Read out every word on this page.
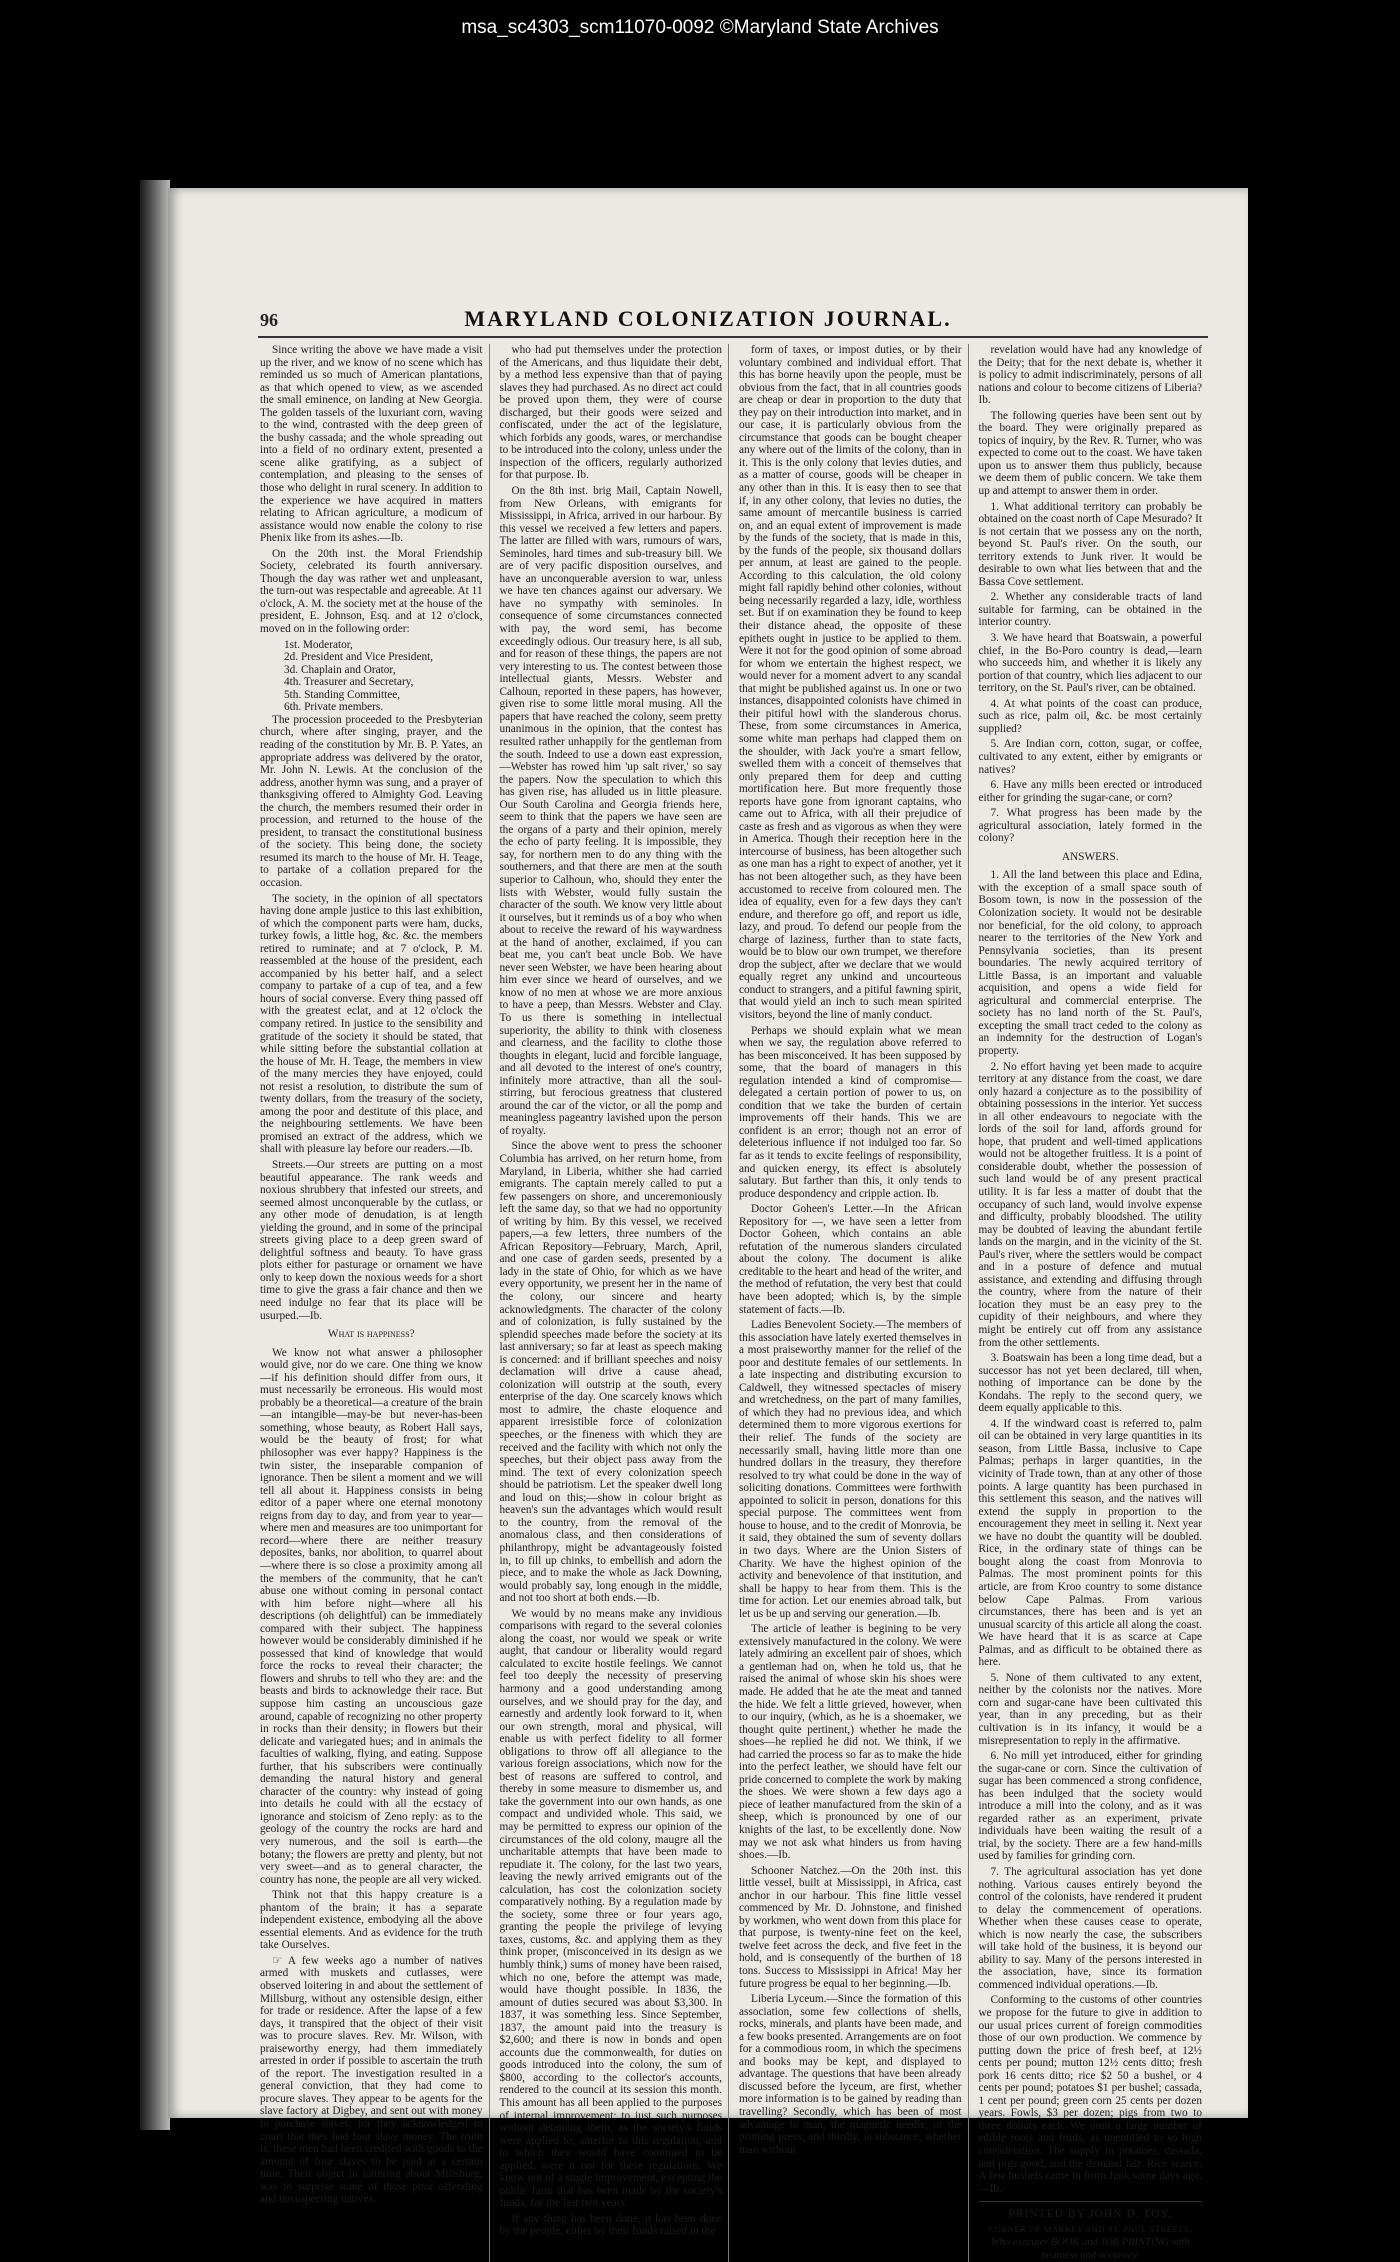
msa_sc4303_scm11070-0092 ©Maryland State Archives
96	MARYLAND COLONIZATION JOURNAL.

Since writing the above we have made a visit up the river, and we know of no scene which has reminded us so much of American plantations, as that which opened to view, as we ascended the small eminence, on landing at New Georgia. The golden tassels of the luxuriant corn, waving to the wind, contrasted with the deep green of the bushy cassada; and the whole spreading out into a field of no ordinary extent, presented a scene alike gratifying, as a subject of contemplation, and pleasing to the senses of those who delight in rural scenery. In addition to the experience we have acquired in matters relating to African agriculture, a modicum of assistance would now enable the colony to rise Phenix like from its ashes.—Ib.

On the 20th inst. the Moral Friendship Society, celebrated its fourth anniversary. Though the day was rather wet and unpleasant, the turn-out was respectable and agreeable. At 11 o'clock, A. M. the society met at the house of the president, E. Johnson, Esq. and at 12 o'clock, moved on in the following order:

1st. Moderator,

2d. President and Vice President,

3d. Chaplain and Orator,

4th. Treasurer and Secretary,

5th. Standing Committee,

6th. Private members.

The procession proceeded to the Presbyterian church, where after singing, prayer, and the reading of the constitution by Mr. B. P. Yates, an appropriate address was delivered by the orator, Mr. John N. Lewis. At the conclusion of the address, another hymn was sung, and a prayer of thanksgiving offered to Almighty God. Leaving the church, the members resumed their order in procession, and returned to the house of the president, to transact the constitutional business of the society. This being done, the society resumed its march to the house of Mr. H. Teage, to partake of a collation prepared for the occasion.

The society, in the opinion of all spectators having done ample justice to this last exhibition, of which the component parts were ham, ducks, turkey fowls, a little hog, &c. &c. the members retired to ruminate; and at 7 o'clock, P. M. reassembled at the house of the president, each accompanied by his better half, and a select company to partake of a cup of tea, and a few hours of social converse. Every thing passed off with the greatest eclat, and at 12 o'clock the company retired. In justice to the sensibility and gratitude of the society it should be stated, that while sitting before the substantial collation at the house of Mr. H. Teage, the members in view of the many mercies they have enjoyed, could not resist a resolution, to distribute the sum of twenty dollars, from the treasury of the society, among the poor and destitute of this place, and the neighbouring settlements. We have been promised an extract of the address, which we shall with pleasure lay before our readers.—Ib.

Streets.—Our streets are putting on a most beautiful appearance. The rank weeds and noxious shrubbery that infested our streets, and seemed almost unconquerable by the cutlass, or any other mode of denudation, is at length yielding the ground, and in some of the principal streets giving place to a deep green sward of delightful softness and beauty. To have grass plots either for pasturage or ornament we have only to keep down the noxious weeds for a short time to give the grass a fair chance and then we need indulge no fear that its place will be usurped.—Ib.

What is happiness?

We know not what answer a philosopher would give, nor do we care. One thing we know—if his definition should differ from ours, it must necessarily be erroneous. His would most probably be a theoretical—a creature of the brain—an intangible—may-be but never-has-been something, whose beauty, as Robert Hall says, would be the beauty of frost; for what philosopher was ever happy? Happiness is the twin sister, the inseparable companion of ignorance. Then be silent a moment and we will tell all about it. Happiness consists in being editor of a paper where one eternal monotony reigns from day to day, and from year to year—where men and measures are too unimportant for record—where there are neither treasury deposites, banks, nor abolition, to quarrel about—where there is so close a proximity among all the members of the community, that he can't abuse one without coming in personal contact with him before night—where all his descriptions (oh delightful) can be immediately compared with their subject. The happiness however would be considerably diminished if he possessed that kind of knowledge that would force the rocks to reveal their character; the flowers and shrubs to tell who they are: and the beasts and birds to acknowledge their race. But suppose him casting an uncouscious gaze around, capable of recognizing no other property in rocks than their density; in flowers but their delicate and variegated hues; and in animals the faculties of walking, flying, and eating. Suppose further, that his subscribers were continually demanding the natural history and general character of the country: why instead of going into details he could with all the ecstacy of ignorance and stoicism of Zeno reply: as to the geology of the country the rocks are hard and very numerous, and the soil is earth—the botany; the flowers are pretty and plenty, but not very sweet—and as to general character, the country has none, the people are all very wicked.

Think not that this happy creature is a phantom of the brain; it has a separate independent existence, embodying all the above essential elements. And as evidence for the truth take Ourselves.

☞ A few weeks ago a number of natives armed with muskets and cutlasses, were observed loitering in and about the settlement of Millsburg, without any ostensible design, either for trade or residence. After the lapse of a few days, it transpired that the object of their visit was to procure slaves. Rev. Mr. Wilson, with praiseworthy energy, had them immediately arrested in order if possible to ascertain the truth of the report. The investigation resulted in a general conviction, that they had come to procure slaves. They appear to be agents for the slave factory at Digbey, and sent out with money to purchase slaves; for they acknowledged in court that they had four slave money. The truth is, these men had been credited with goods to the amount of four slaves to be paid at a certain time. Their object in loitering about Millsburg, was to surprise some of those poor offending and unsuspecting natives,

who had put themselves under the protection of the Americans, and thus liquidate their debt, by a method less expensive than that of paying slaves they had purchased. As no direct act could be proved upon them, they were of course discharged, but their goods were seized and confiscated, under the act of the legislature, which forbids any goods, wares, or merchandise to be introduced into the colony, unless under the inspection of the officers, regularly authorized for that purpose. Ib.

On the 8th inst. brig Mail, Captain Nowell, from New Orleans, with emigrants for Mississippi, in Africa, arrived in our harbour. By this vessel we received a few letters and papers. The latter are filled with wars, rumours of wars, Seminoles, hard times and sub-treasury bill. We are of very pacific disposition ourselves, and have an unconquerable aversion to war, unless we have ten chances against our adversary. We have no sympathy with seminoles. In consequence of some circumstances connected with pay, the word semi, has become exceedingly odious. Our treasury here, is all sub, and for reason of these things, the papers are not very interesting to us. The contest between those intellectual giants, Messrs. Webster and Calhoun, reported in these papers, has however, given rise to some little moral musing. All the papers that have reached the colony, seem pretty unanimous in the opinion, that the contest has resulted rather unhappily for the gentleman from the south. Indeed to use a down east expression,—Webster has rowed him 'up salt river,' so say the papers. Now the speculation to which this has given rise, has alluded us in little pleasure. Our South Carolina and Georgia friends here, seem to think that the papers we have seen are the organs of a party and their opinion, merely the echo of party feeling. It is impossible, they say, for northern men to do any thing with the southerners, and that there are men at the south superior to Calhoun, who, should they enter the lists with Webster, would fully sustain the character of the south. We know very little about it ourselves, but it reminds us of a boy who when about to receive the reward of his waywardness at the hand of another, exclaimed, if you can beat me, you can't beat uncle Bob. We have never seen Webster, we have been hearing about him ever since we heard of ourselves, and we know of no men at whose we are more anxious to have a peep, than Messrs. Webster and Clay. To us there is something in intellectual superiority, the ability to think with closeness and clearness, and the facility to clothe those thoughts in elegant, lucid and forcible language, and all devoted to the interest of one's country, infinitely more attractive, than all the soul-stirring, but ferocious greatness that clustered around the car of the victor, or all the pomp and meaningless pageantry lavished upon the person of royalty.

Since the above went to press the schooner Columbia has arrived, on her return home, from Maryland, in Liberia, whither she had carried emigrants. The captain merely called to put a few passengers on shore, and unceremoniously left the same day, so that we had no opportunity of writing by him. By this vessel, we received papers,—a few letters, three numbers of the African Repository—February, March, April, and one case of garden seeds, presented by a lady in the state of Ohio, for which as we have every opportunity, we present her in the name of the colony, our sincere and hearty acknowledgments. The character of the colony and of colonization, is fully sustained by the splendid speeches made before the society at its last anniversary; so far at least as speech making is concerned: and if brilliant speeches and noisy declamation will drive a cause ahead, colonization will outstrip at the south, every enterprise of the day. One scarcely knows which most to admire, the chaste eloquence and apparent irresistible force of colonization speeches, or the fineness with which they are received and the facility with which not only the speeches, but their object pass away from the mind. The text of every colonization speech should be patriotism. Let the speaker dwell long and loud on this;—show in colour bright as heaven's sun the advantages which would result to the country, from the removal of the anomalous class, and then considerations of philanthropy, might be advantageously foisted in, to fill up chinks, to embellish and adorn the piece, and to make the whole as Jack Downing, would probably say, long enough in the middle, and not too short at both ends.—Ib.

We would by no means make any invidious comparisons with regard to the several colonies along the coast, nor would we speak or write aught, that candour or liberality would regard calculated to excite hostile feelings. We cannot feel too deeply the necessity of preserving harmony and a good understanding among ourselves, and we should pray for the day, and earnestly and ardently look forward to it, when our own strength, moral and physical, will enable us with perfect fidelity to all former obligations to throw off all allegiance to the various foreign associations, which now for the best of reasons are suffered to control, and thereby in some measure to dismember us, and take the government into our own hands, as one compact and undivided whole. This said, we may be permitted to express our opinion of the circumstances of the old colony, maugre all the uncharitable attempts that have been made to repudiate it. The colony, for the last two years, leaving the newly arrived emigrants out of the calculation, has cost the colonization society comparatively nothing. By a regulation made by the society, some three or four years ago, granting the people the privilege of levying taxes, customs, &c. and applying them as they think proper, (misconceived in its design as we humbly think,) sums of money have been raised, which no one, before the attempt was made, would have thought possible. In 1836, the amount of duties secured was about $3,300. In 1837, it was something less. Since September, 1837, the amount paid into the treasury is $2,600; and there is now in bonds and open accounts due the commonwealth, for duties on goods introduced into the colony, the sum of $800, according to the collector's accounts, rendered to the council at its session this month. This amount has all been applied to the purposes of internal improvement; to just such purposes without detaining them, as the society's funds were applied to, anterior to this regulation, and to which they would have continued to be applied, were it not for these regulations. We know not of a single improvement, excepting the public farm that has been made by the society's funds, for the last two years.

If any thing has been done, it has been done by the people, either by their funds raised in the

form of taxes, or impost duties, or by their voluntary combined and individual effort. That this has borne heavily upon the people, must be obvious from the fact, that in all countries goods are cheap or dear in proportion to the duty that they pay on their introduction into market, and in our case, it is particularly obvious from the circumstance that goods can be bought cheaper any where out of the limits of the colony, than in it. This is the only colony that levies duties, and as a matter of course, goods will be cheaper in any other than in this. It is easy then to see that if, in any other colony, that levies no duties, the same amount of mercantile business is carried on, and an equal extent of improvement is made by the funds of the society, that is made in this, by the funds of the people, six thousand dollars per annum, at least are gained to the people. According to this calculation, the old colony might fall rapidly behind other colonies, without being necessarily regarded a lazy, idle, worthless set. But if on examination they be found to keep their distance ahead, the opposite of these epithets ought in justice to be applied to them. Were it not for the good opinion of some abroad for whom we entertain the highest respect, we would never for a moment advert to any scandal that might be published against us. In one or two instances, disappointed colonists have chimed in their pitiful howl with the slanderous chorus. These, from some circumstances in America, some white man perhaps had clapped them on the shoulder, with Jack you're a smart fellow, swelled them with a conceit of themselves that only prepared them for deep and cutting mortification here. But more frequently those reports have gone from ignorant captains, who came out to Africa, with all their prejudice of caste as fresh and as vigorous as when they were in America. Though their reception here in the intercourse of business, has been altogether such as one man has a right to expect of another, yet it has not been altogether such, as they have been accustomed to receive from coloured men. The idea of equality, even for a few days they can't endure, and therefore go off, and report us idle, lazy, and proud. To defend our people from the charge of laziness, further than to state facts, would be to blow our own trumpet, we therefore drop the subject, after we declare that we would equally regret any unkind and uncourteous conduct to strangers, and a pitiful fawning spirit, that would yield an inch to such mean spirited visitors, beyond the line of manly conduct.

Perhaps we should explain what we mean when we say, the regulation above referred to has been misconceived. It has been supposed by some, that the board of managers in this regulation intended a kind of compromise—delegated a certain portion of power to us, on condition that we take the burden of certain improvements off their hands. This we are confident is an error; though not an error of deleterious influence if not indulged too far. So far as it tends to excite feelings of responsibility, and quicken energy, its effect is absolutely salutary. But farther than this, it only tends to produce despondency and cripple action. Ib.

Doctor Goheen's Letter.—In the African Repository for —, we have seen a letter from Doctor Goheen, which contains an able refutation of the numerous slanders circulated about the colony. The document is alike creditable to the heart and head of the writer, and the method of refutation, the very best that could have been adopted; which is, by the simple statement of facts.—Ib.

Ladies Benevolent Society.—The members of this association have lately exerted themselves in a most praiseworthy manner for the relief of the poor and destitute females of our settlements. In a late inspecting and distributing excursion to Caldwell, they witnessed spectacles of misery and wretchedness, on the part of many families, of which they had no previous idea, and which determined them to more vigorous exertions for their relief. The funds of the society are necessarily small, having little more than one hundred dollars in the treasury, they therefore resolved to try what could be done in the way of soliciting donations. Committees were forthwith appointed to solicit in person, donations for this special purpose. The committees went from house to house, and to the credit of Monrovia, be it said, they obtained the sum of seventy dollars in two days. Where are the Union Sisters of Charity. We have the highest opinion of the activity and benevolence of that institution, and shall be happy to hear from them. This is the time for action. Let our enemies abroad talk, but let us be up and serving our generation.—Ib.

The article of leather is begining to be very extensively manufactured in the colony. We were lately admiring an excellent pair of shoes, which a gentleman had on, when he told us, that he raised the animal of whose skin his shoes were made. He added that he ate the meat and tanned the hide. We felt a little grieved, however, when to our inquiry, (which, as he is a shoemaker, we thought quite pertinent,) whether he made the shoes—he replied he did not. We think, if we had carried the process so far as to make the hide into the perfect leather, we should have felt our pride concerned to complete the work by making the shoes. We were shown a few days ago a piece of leather manufactured from the skin of a sheep, which is pronounced by one of our knights of the last, to be excellently done. Now may we not ask what hinders us from having shoes.—Ib.

Schooner Natchez.—On the 20th inst. this little vessel, built at Mississippi, in Africa, cast anchor in our harbour. This fine little vessel commenced by Mr. D. Johnstone, and finished by workmen, who went down from this place for that purpose, is twenty-nine feet on the keel, twelve feet across the deck, and five feet in the hold, and is consequently of the burthen of 18 tons. Success to Mississippi in Africa! May her future progress be equal to her beginning.—Ib.

Liberia Lyceum.—Since the formation of this association, some few collections of shells, rocks, minerals, and plants have been made, and a few books presented. Arrangements are on foot for a commodious room, in which the specimens and books may be kept, and displayed to advantage. The questions that have been already discussed before the lyceum, are first, whether more information is to be gained by reading than travelling? Secondly, which has been of most advantage to man, the magnetic needle, or the printing press; and thirdly, is substance, whether man without

revelation would have had any knowledge of the Deity; that for the next debate is, whether it is policy to admit indiscriminately, persons of all nations and colour to become citizens of Liberia? Ib.

The following queries have been sent out by the board. They were originally prepared as topics of inquiry, by the Rev. R. Turner, who was expected to come out to the coast. We have taken upon us to answer them thus publicly, because we deem them of public concern. We take them up and attempt to answer them in order.

1. What additional territory can probably be obtained on the coast north of Cape Mesurado? It is not certain that we possess any on the north, beyond St. Paul's river. On the south, our territory extends to Junk river. It would be desirable to own what lies between that and the Bassa Cove settlement.

2. Whether any considerable tracts of land suitable for farming, can be obtained in the interior country.

3. We have heard that Boatswain, a powerful chief, in the Bo-Poro country is dead,—learn who succeeds him, and whether it is likely any portion of that country, which lies adjacent to our territory, on the St. Paul's river, can be obtained.

4. At what points of the coast can produce, such as rice, palm oil, &c. be most certainly supplied?

5. Are Indian corn, cotton, sugar, or coffee, cultivated to any extent, either by emigrants or natives?

6. Have any mills been erected or introduced either for grinding the sugar-cane, or corn?

7. What progress has been made by the agricultural association, lately formed in the colony?

ANSWERS.

1. All the land between this place and Edina, with the exception of a small space south of Bosom town, is now in the possession of the Colonization society. It would not be desirable nor beneficial, for the old colony, to approach nearer to the territories of the New York and Pennsylvania societies, than its present boundaries. The newly acquired territory of Little Bassa, is an important and valuable acquisition, and opens a wide field for agricultural and commercial enterprise. The society has no land north of the St. Paul's, excepting the small tract ceded to the colony as an indemnity for the destruction of Logan's property.

2. No effort having yet been made to acquire territory at any distance from the coast, we dare only hazard a conjecture as to the possibility of obtaining possessions in the interior. Yet success in all other endeavours to negociate with the lords of the soil for land, affords ground for hope, that prudent and well-timed applications would not be altogether fruitless. It is a point of considerable doubt, whether the possession of such land would be of any present practical utility. It is far less a matter of doubt that the occupancy of such land, would involve expense and difficulty, probably bloodshed. The utility may be doubted of leaving the abundant fertile lands on the margin, and in the vicinity of the St. Paul's river, where the settlers would be compact and in a posture of defence and mutual assistance, and extending and diffusing through the country, where from the nature of their location they must be an easy prey to the cupidity of their neighbours, and where they might be entirely cut off from any assistance from the other settlements.

3. Boatswain has been a long time dead, but a successor has not yet been declared, till when, nothing of importance can be done by the Kondahs. The reply to the second query, we deem equally applicable to this.

4. If the windward coast is referred to, palm oil can be obtained in very large quantities in its season, from Little Bassa, inclusive to Cape Palmas; perhaps in larger quantities, in the vicinity of Trade town, than at any other of those points. A large quantity has been purchased in this settlement this season, and the natives will extend the supply in proportion to the encouragement they meet in selling it. Next year we have no doubt the quantity will be doubled. Rice, in the ordinary state of things can be bought along the coast from Monrovia to Palmas. The most prominent points for this article, are from Kroo country to some distance below Cape Palmas. From various circumstances, there has been and is yet an unusual scarcity of this article all along the coast. We have heard that it is as scarce at Cape Palmas, and as difficult to be obtained there as here.

5. None of them cultivated to any extent, neither by the colonists nor the natives. More corn and sugar-cane have been cultivated this year, than in any preceding, but as their cultivation is in its infancy, it would be a misrepresentation to reply in the affirmative.

6. No mill yet introduced, either for grinding the sugar-cane or corn. Since the cultivation of sugar has been commenced a strong confidence, has been indulged that the society would introduce a mill into the colony, and as it was regarded rather as an experiment, private individuals have been waiting the result of a trial, by the society. There are a few hand-mills used by families for grinding corn.

7. The agricultural association has yet done nothing. Various causes entirely beyond the control of the colonists, have rendered it prudent to delay the commencement of operations. Whether when these causes cease to operate, which is now nearly the case, the subscribers will take hold of the business, it is beyond our ability to say. Many of the persons interested in the association, have, since its formation commenced individual operations.—Ib.

Conforming to the customs of other countries we propose for the future to give in addition to our usual prices current of foreign commodities those of our own production. We commence by putting down the price of fresh beef, at 12½ cents per pound; mutton 12½ cents ditto; fresh pork 16 cents ditto; rice $2 50 a bushel, or 4 cents per pound; potatoes $1 per bushel; cassada, 1 cent per pound; green corn 25 cents per dozen years. Fowls, $3 per dozen; pigs from two to three dollars each. We omit a large number of edible roots and fruits, as unentitled to so high consideration. The supply in potatoes, cassada, and pigs good, and the demand fair. Rice scarce. A few bushels came in from Junk some days ago.—Ib.

PRINTED BY JOHN D. TOY,

CORNER OF MARKET AND ST. PAUL STREETS,

Who executes BOOK and JOB PRINTING with neatness and accuracy.
